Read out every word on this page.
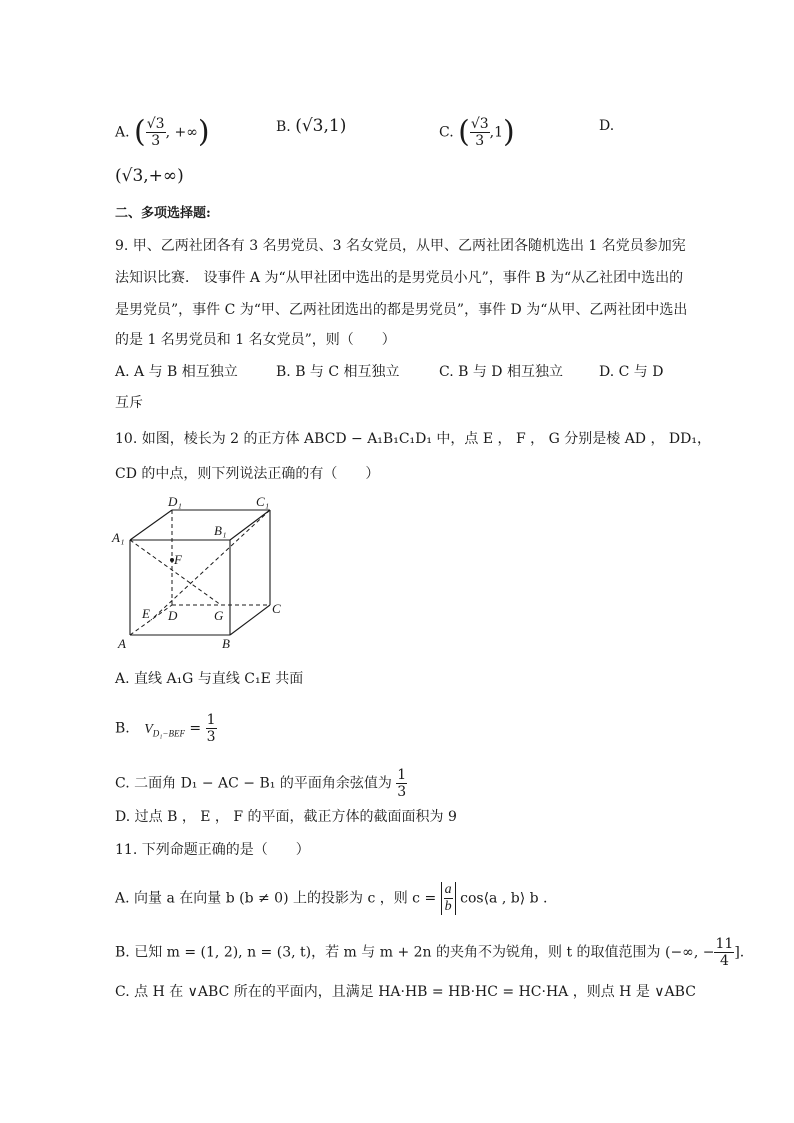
A. ( $\frac{√3}{3}$ , +∞)	B. (√3,1)	C. ( $\frac{√3}{3} ,1$)	D.
(√3,+∞)
二、多项选择题:
9. 甲、乙两社团各有 3 名男党员、3 名女党员，从甲、乙两社团各随机选出 1 名党员参加宪
法知识比赛． 设事件 A 为“从甲社团中选出的是男党员小凡”，事件 B 为“从乙社团中选出的
是男党员”，事件 C 为“甲、乙两社团选出的都是男党员”，事件 D 为“从甲、乙两社团中选出
的是 1 名男党员和 1 名女党员”，则（　　）
A. A 与 B 相互独立	B. B 与 C 相互独立	C. B 与 D 相互独立	D. C 与 D
互斥
10. 如图，棱长为 2 的正方体 ABCD − A₁B₁C₁D₁ 中，点 E ， F ， G 分别是棱 AD ， DD₁，
CD 的中点，则下列说法正确的有（　　）
D₁	C₁
A₁	B₁
F
E D	G	C
A	B
A. 直线 A₁G 与直线 C₁E 共面
B. $V_{D_1-BEF} = \frac{1}{3}$
C. 二面角 D₁ − AC − B₁ 的平面角余弦值为 $\frac{1}{3}$
D. 过点 B ， E ， F 的平面，截正方体的截面面积为 9
11. 下列命题正确的是（　　）
A. 向量 a 在向量 b (b ≠ 0) 上的投影为 c ，则 $c = \frac{a}{b}$ cos⟨a , b⟩ b .
B. 已知 m = (1, 2), n = (3, t)，若 m 与 m + 2n 的夹角不为锐角，则 t 的取值范围为 (−∞, − $\frac{11}{4}$ ].
C. 点 H 在 ∨ABC 所在的平面内，且满足 HA·HB = HB·HC = HC·HA ，则点 H 是 ∨ABC
